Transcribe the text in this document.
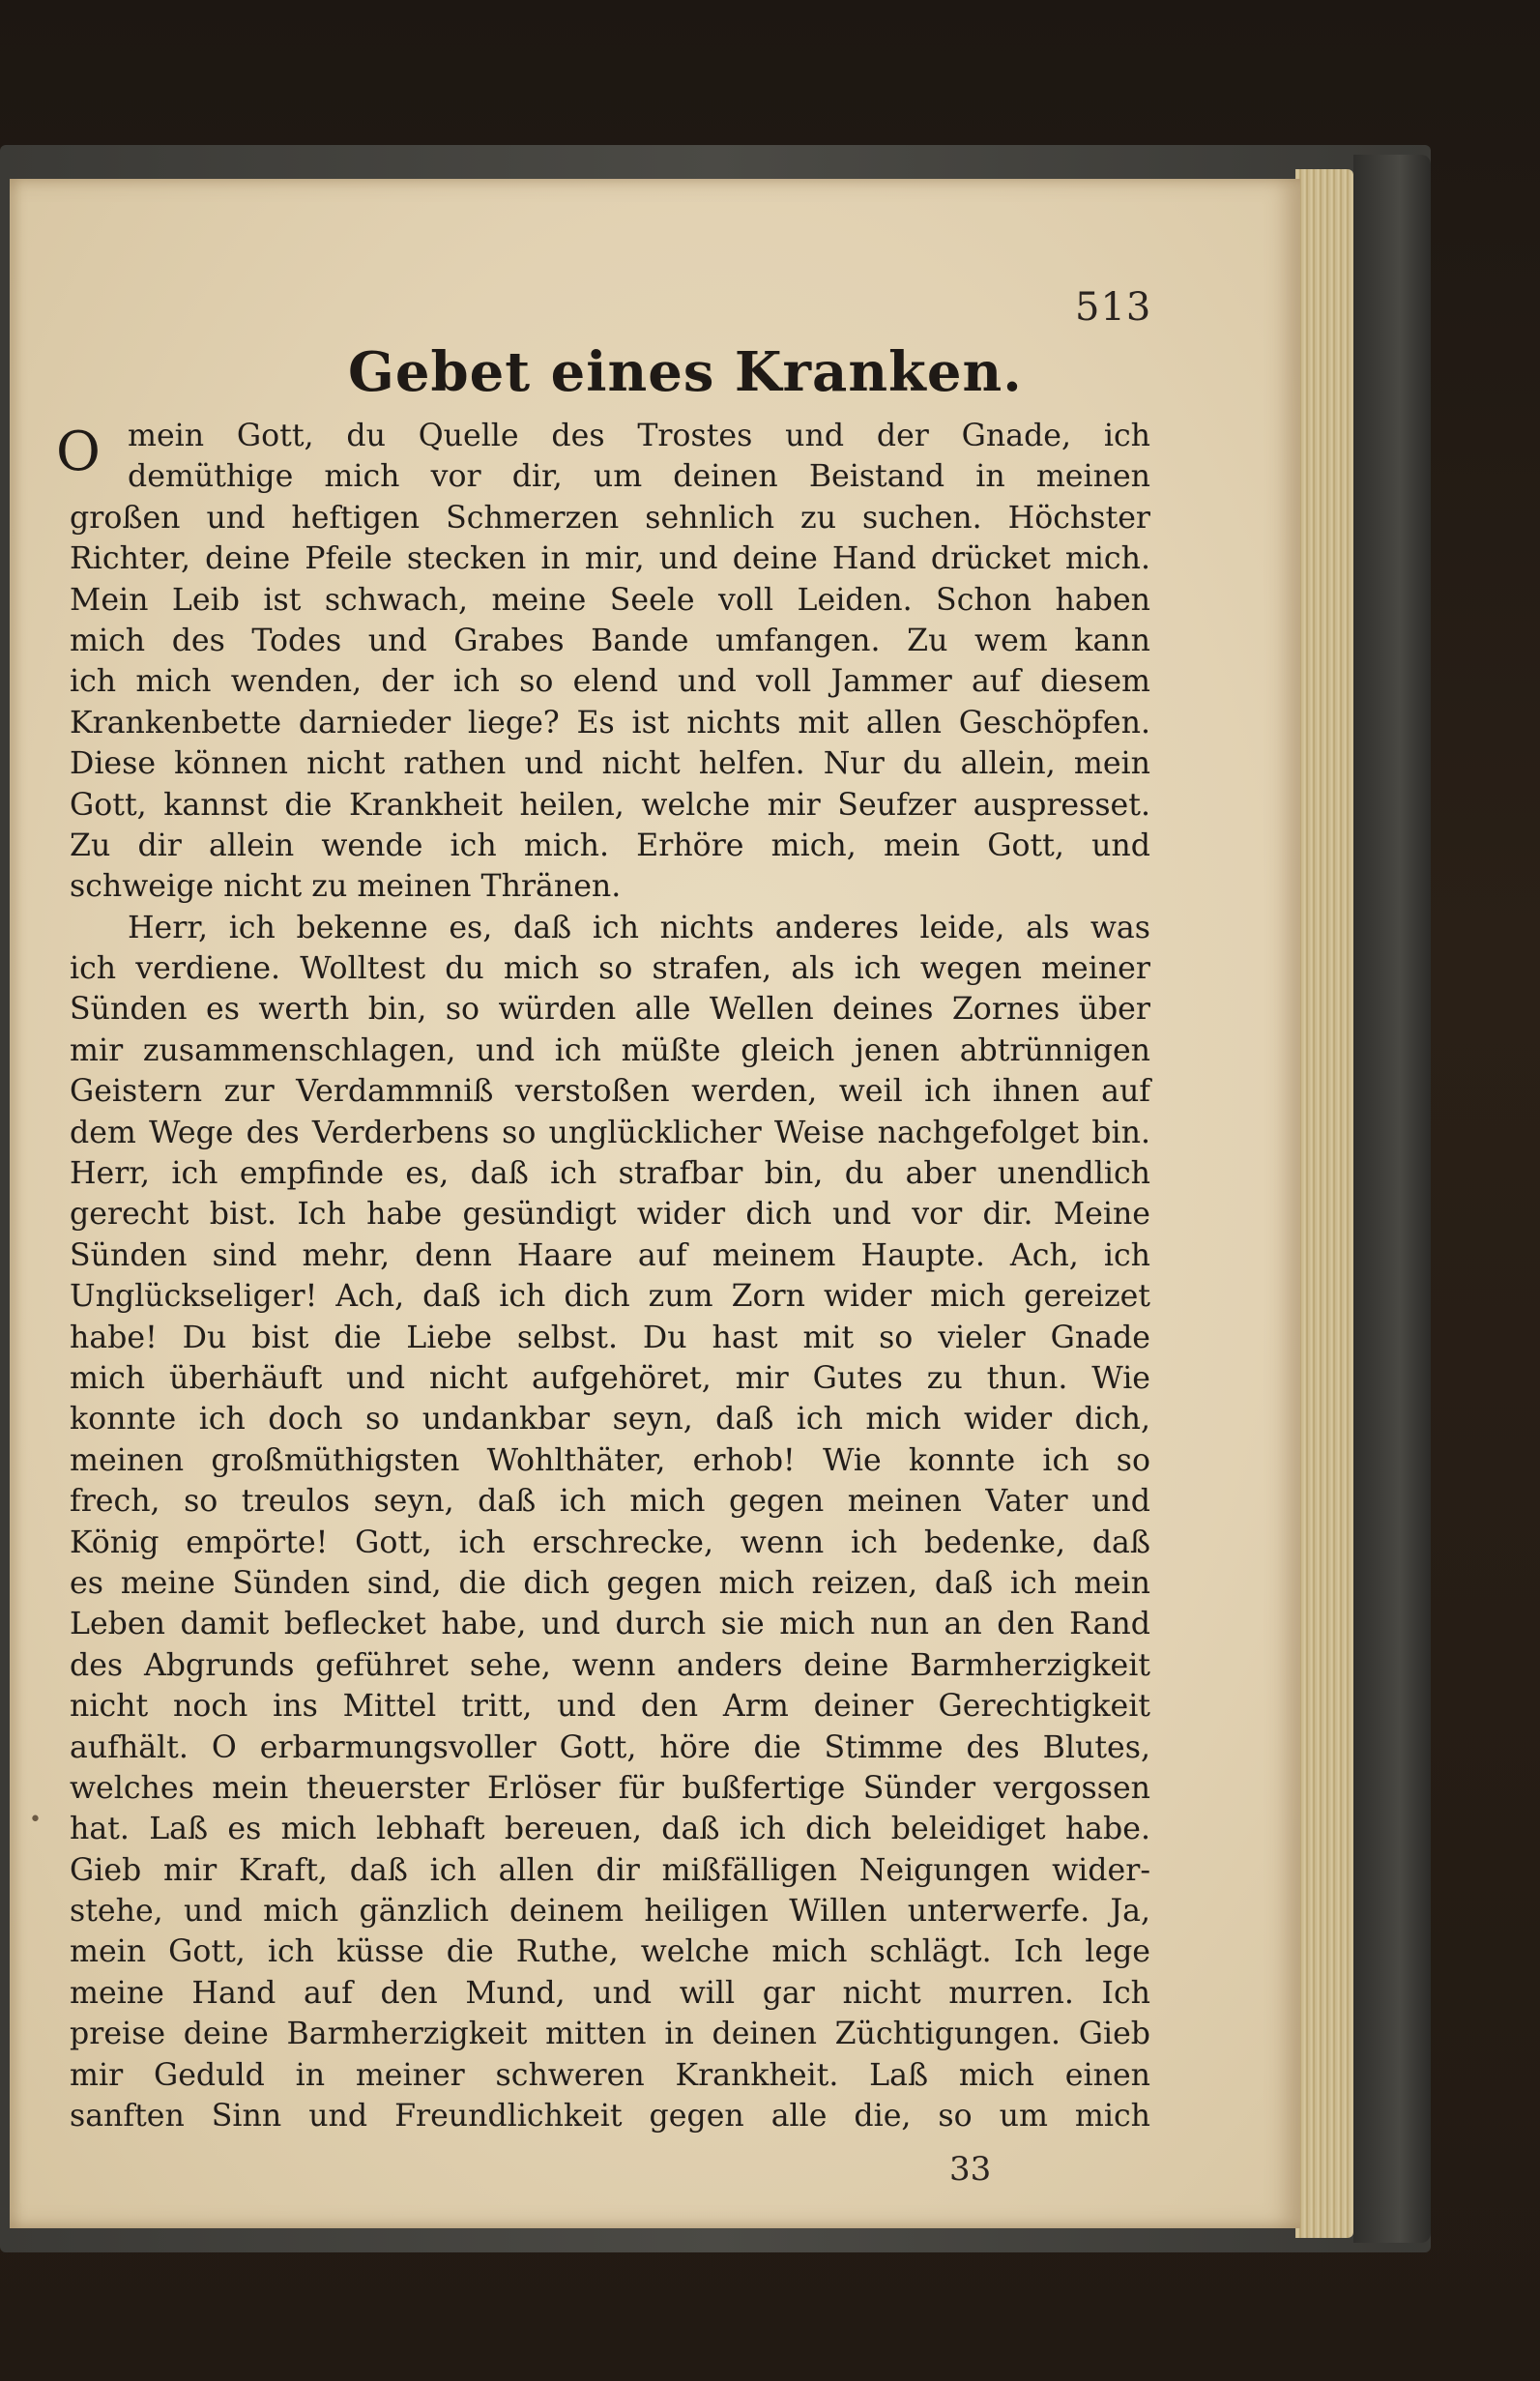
513
Gebet eines Kranken.
O mein Gott, du Quelle des Trostes und der Gnade, ich
demüthige mich vor dir, um deinen Beistand in meinen
großen und heftigen Schmerzen sehnlich zu suchen. Höchster
Richter, deine Pfeile stecken in mir, und deine Hand drücket mich.
Mein Leib ist schwach, meine Seele voll Leiden. Schon haben
mich des Todes und Grabes Bande umfangen. Zu wem kann
ich mich wenden, der ich so elend und voll Jammer auf diesem
Krankenbette darnieder liege? Es ist nichts mit allen Geschöpfen.
Diese können nicht rathen und nicht helfen. Nur du allein, mein
Gott, kannst die Krankheit heilen, welche mir Seufzer auspresset.
Zu dir allein wende ich mich. Erhöre mich, mein Gott, und
schweige nicht zu meinen Thränen.
Herr, ich bekenne es, daß ich nichts anderes leide, als was
ich verdiene. Wolltest du mich so strafen, als ich wegen meiner
Sünden es werth bin, so würden alle Wellen deines Zornes über
mir zusammenschlagen, und ich müßte gleich jenen abtrünnigen
Geistern zur Verdammniß verstoßen werden, weil ich ihnen auf
dem Wege des Verderbens so unglücklicher Weise nachgefolget bin.
Herr, ich empfinde es, daß ich strafbar bin, du aber unendlich
gerecht bist. Ich habe gesündigt wider dich und vor dir. Meine
Sünden sind mehr, denn Haare auf meinem Haupte. Ach, ich
Unglückseliger! Ach, daß ich dich zum Zorn wider mich gereizet
habe! Du bist die Liebe selbst. Du hast mit so vieler Gnade
mich überhäuft und nicht aufgehöret, mir Gutes zu thun. Wie
konnte ich doch so undankbar seyn, daß ich mich wider dich,
meinen großmüthigsten Wohlthäter, erhob! Wie konnte ich so
frech, so treulos seyn, daß ich mich gegen meinen Vater und
König empörte! Gott, ich erschrecke, wenn ich bedenke, daß
es meine Sünden sind, die dich gegen mich reizen, daß ich mein
Leben damit beflecket habe, und durch sie mich nun an den Rand
des Abgrunds geführet sehe, wenn anders deine Barmherzigkeit
nicht noch ins Mittel tritt, und den Arm deiner Gerechtigkeit
aufhält. O erbarmungsvoller Gott, höre die Stimme des Blutes,
welches mein theuerster Erlöser für bußfertige Sünder vergossen
hat. Laß es mich lebhaft bereuen, daß ich dich beleidiget habe.
Gieb mir Kraft, daß ich allen dir mißfälligen Neigungen wider-
stehe, und mich gänzlich deinem heiligen Willen unterwerfe. Ja,
mein Gott, ich küsse die Ruthe, welche mich schlägt. Ich lege
meine Hand auf den Mund, und will gar nicht murren. Ich
preise deine Barmherzigkeit mitten in deinen Züchtigungen. Gieb
mir Geduld in meiner schweren Krankheit. Laß mich einen
sanften Sinn und Freundlichkeit gegen alle die, so um mich
•
33
